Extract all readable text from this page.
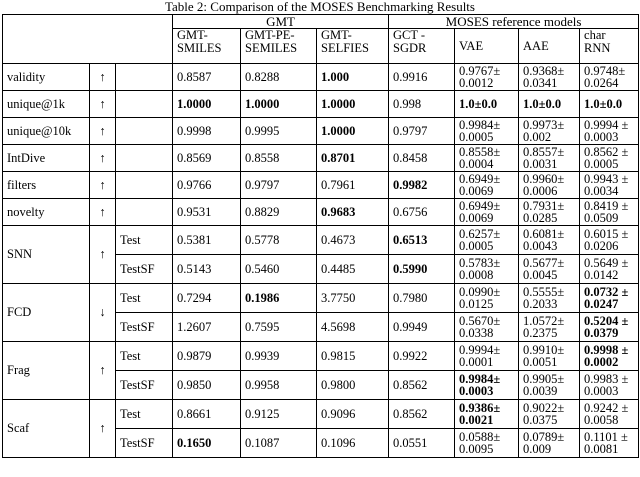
Table 2: Comparison of the MOSES Benchmarking Results
			GMT			MOSES reference models			
			GMT-SMILES	GMT-PE-SEMILES	GMT-SELFIES	GCT -SGDR	VAE	AAE	char RNN
validity	↑		0.8587	0.8288	1.000	0.9916	0.9767± 0.0012	0.9368± 0.0341	0.9748± 0.0264
unique@1k	↑		1.0000	1.0000	1.0000	0.998	1.0±0.0	1.0±0.0	1.0±0.0
unique@10k	↑		0.9998	0.9995	1.0000	0.9797	0.9984± 0.0005	0.9973± 0.002	0.9994 ± 0.0003
IntDive	↑		0.8569	0.8558	0.8701	0.8458	0.8558± 0.0004	0.8557± 0.0031	0.8562 ± 0.0005
filters	↑		0.9766	0.9797	0.7961	0.9982	0.6949± 0.0069	0.9960± 0.0006	0.9943 ± 0.0034
novelty	↑		0.9531	0.8829	0.9683	0.6756	0.6949± 0.0069	0.7931± 0.0285	0.8419 ± 0.0509
SNN	↑	Test	0.5381	0.5778	0.4673	0.6513	0.6257± 0.0005	0.6081± 0.0043	0.6015 ± 0.0206
		TestSF	0.5143	0.5460	0.4485	0.5990	0.5783± 0.0008	0.5677± 0.0045	0.5649 ± 0.0142
FCD	↓	Test	0.7294	0.1986	3.7750	0.7980	0.0990± 0.0125	0.5555± 0.2033	0.0732 ± 0.0247
		TestSF	1.2607	0.7595	4.5698	0.9949	0.5670± 0.0338	1.0572± 0.2375	0.5204 ± 0.0379
Frag	↑	Test	0.9879	0.9939	0.9815	0.9922	0.9994± 0.0001	0.9910± 0.0051	0.9998 ± 0.0002
		TestSF	0.9850	0.9958	0.9800	0.8562	0.9984± 0.0003	0.9905± 0.0039	0.9983 ± 0.0003
Scaf	↑	Test	0.8661	0.9125	0.9096	0.8562	0.9386± 0.0021	0.9022± 0.0375	0.9242 ± 0.0058
		TestSF	0.1650	0.1087	0.1096	0.0551	0.0588± 0.0095	0.0789± 0.009	0.1101 ± 0.0081
